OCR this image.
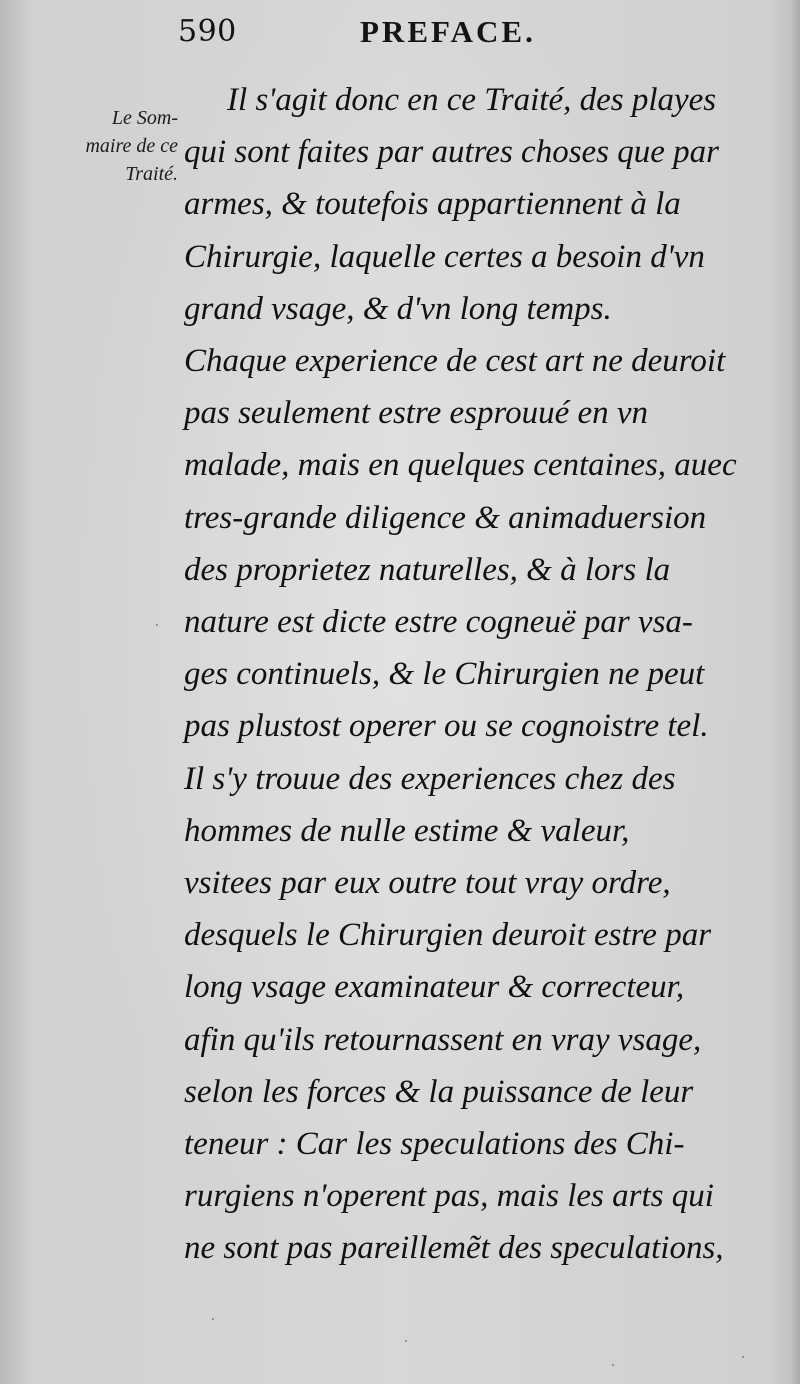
590	PREFACE.
Le Som-
maire de ce
Traité.
Il s'agit donc en ce Traité, des playes
qui sont faites par autres choses que par
armes, & toutefois appartiennent à la
Chirurgie, laquelle certes a besoin d'vn
grand vsage, & d'vn long temps.
Chaque experience de cest art ne deuroit
pas seulement estre esprouué en vn
malade, mais en quelques centaines, auec
tres-grande diligence & animaduersion
des proprietez naturelles, & à lors la
nature est dicte estre cogneuë par vsa-
ges continuels, & le Chirurgien ne peut
pas plustost operer ou se cognoistre tel.
Il s'y trouue des experiences chez des
hommes de nulle estime & valeur,
vsitees par eux outre tout vray ordre,
desquels le Chirurgien deuroit estre par
long vsage examinateur & correcteur,
afin qu'ils retournassent en vray vsage,
selon les forces & la puissance de leur
teneur : Car les speculations des Chi-
rurgiens n'operent pas, mais les arts qui
ne sont pas pareillemẽt des speculations,
